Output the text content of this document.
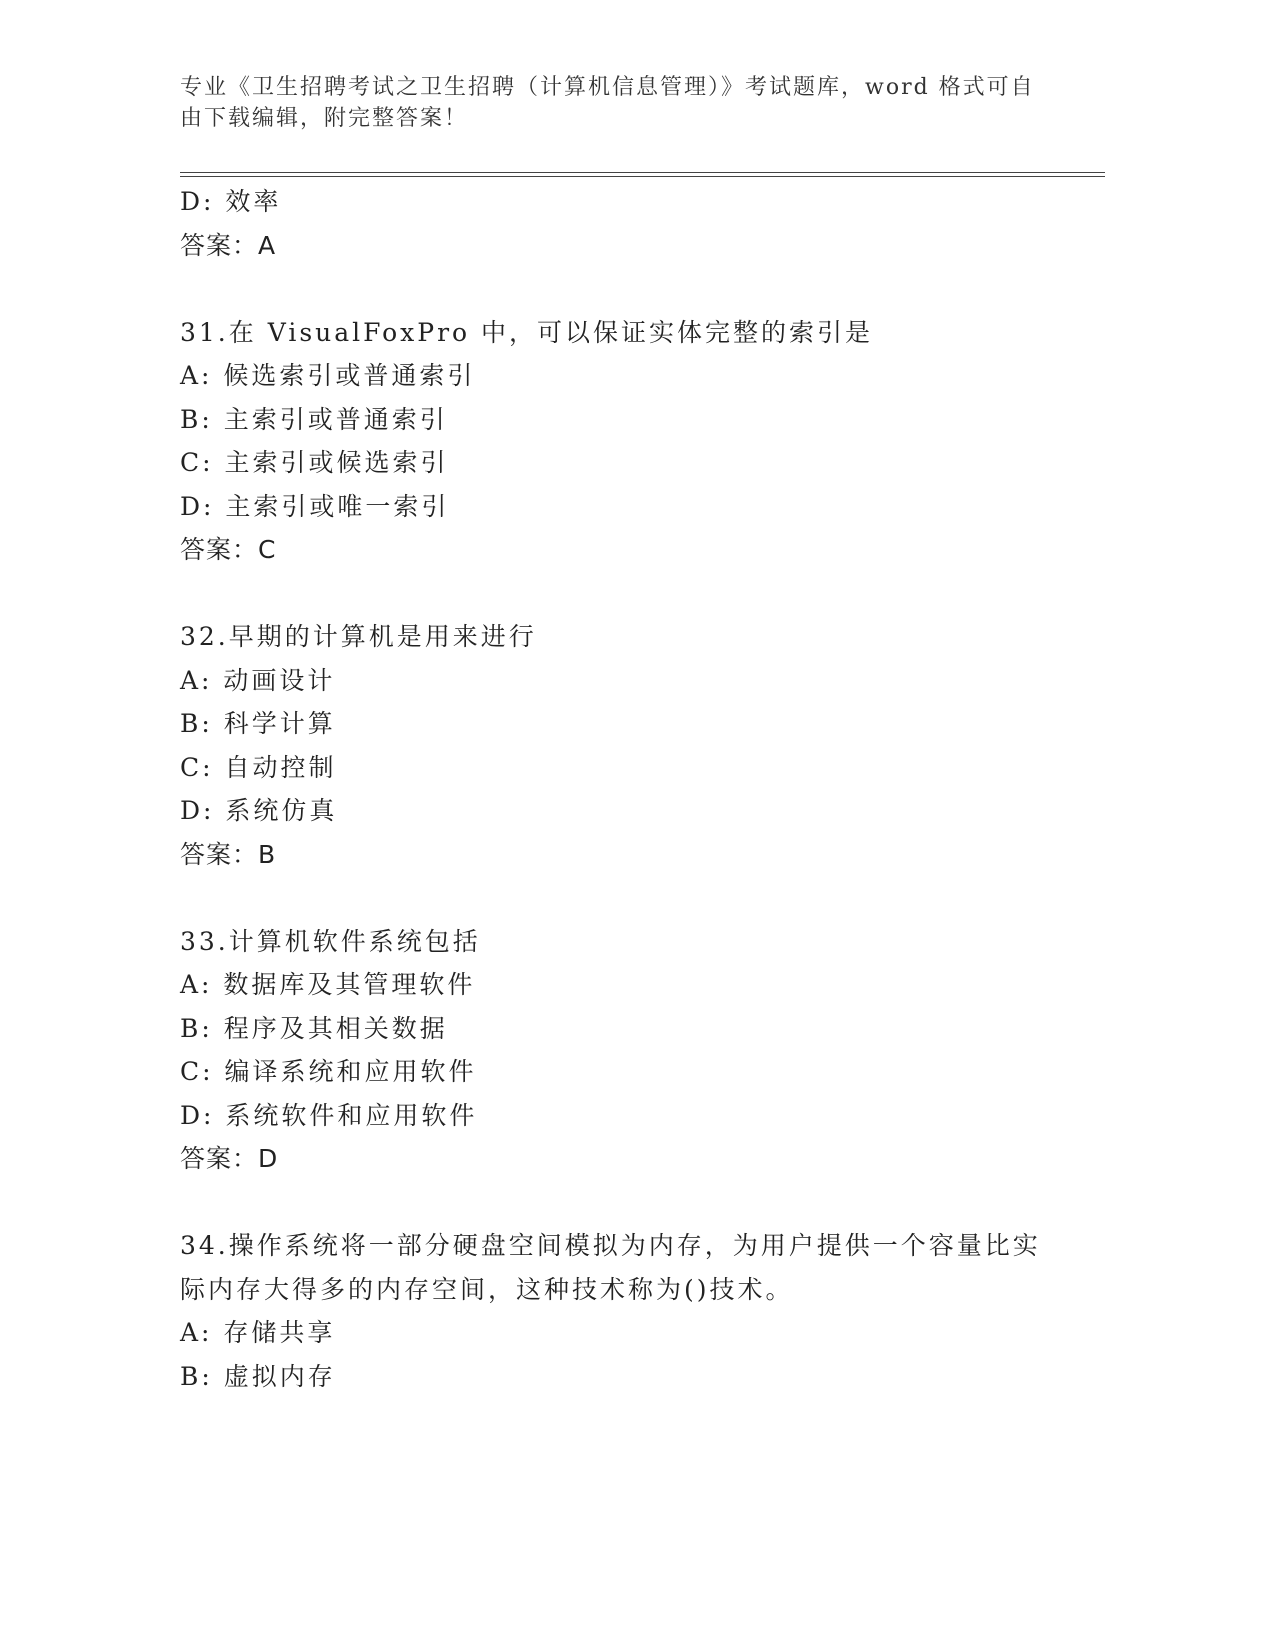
专业《卫生招聘考试之卫生招聘（计算机信息管理）》考试题库，word 格式可自由下载编辑，附完整答案！
D: 效率
答案：A
31.在 VisualFoxPro 中，可以保证实体完整的索引是
A: 候选索引或普通索引
B: 主索引或普通索引
C: 主索引或候选索引
D: 主索引或唯一索引
答案：C
32.早期的计算机是用来进行
A: 动画设计
B: 科学计算
C: 自动控制
D: 系统仿真
答案：B
33.计算机软件系统包括
A: 数据库及其管理软件
B: 程序及其相关数据
C: 编译系统和应用软件
D: 系统软件和应用软件
答案：D
34.操作系统将一部分硬盘空间模拟为内存，为用户提供一个容量比实际内存大得多的内存空间，这种技术称为()技术。
A: 存储共享
B: 虚拟内存
